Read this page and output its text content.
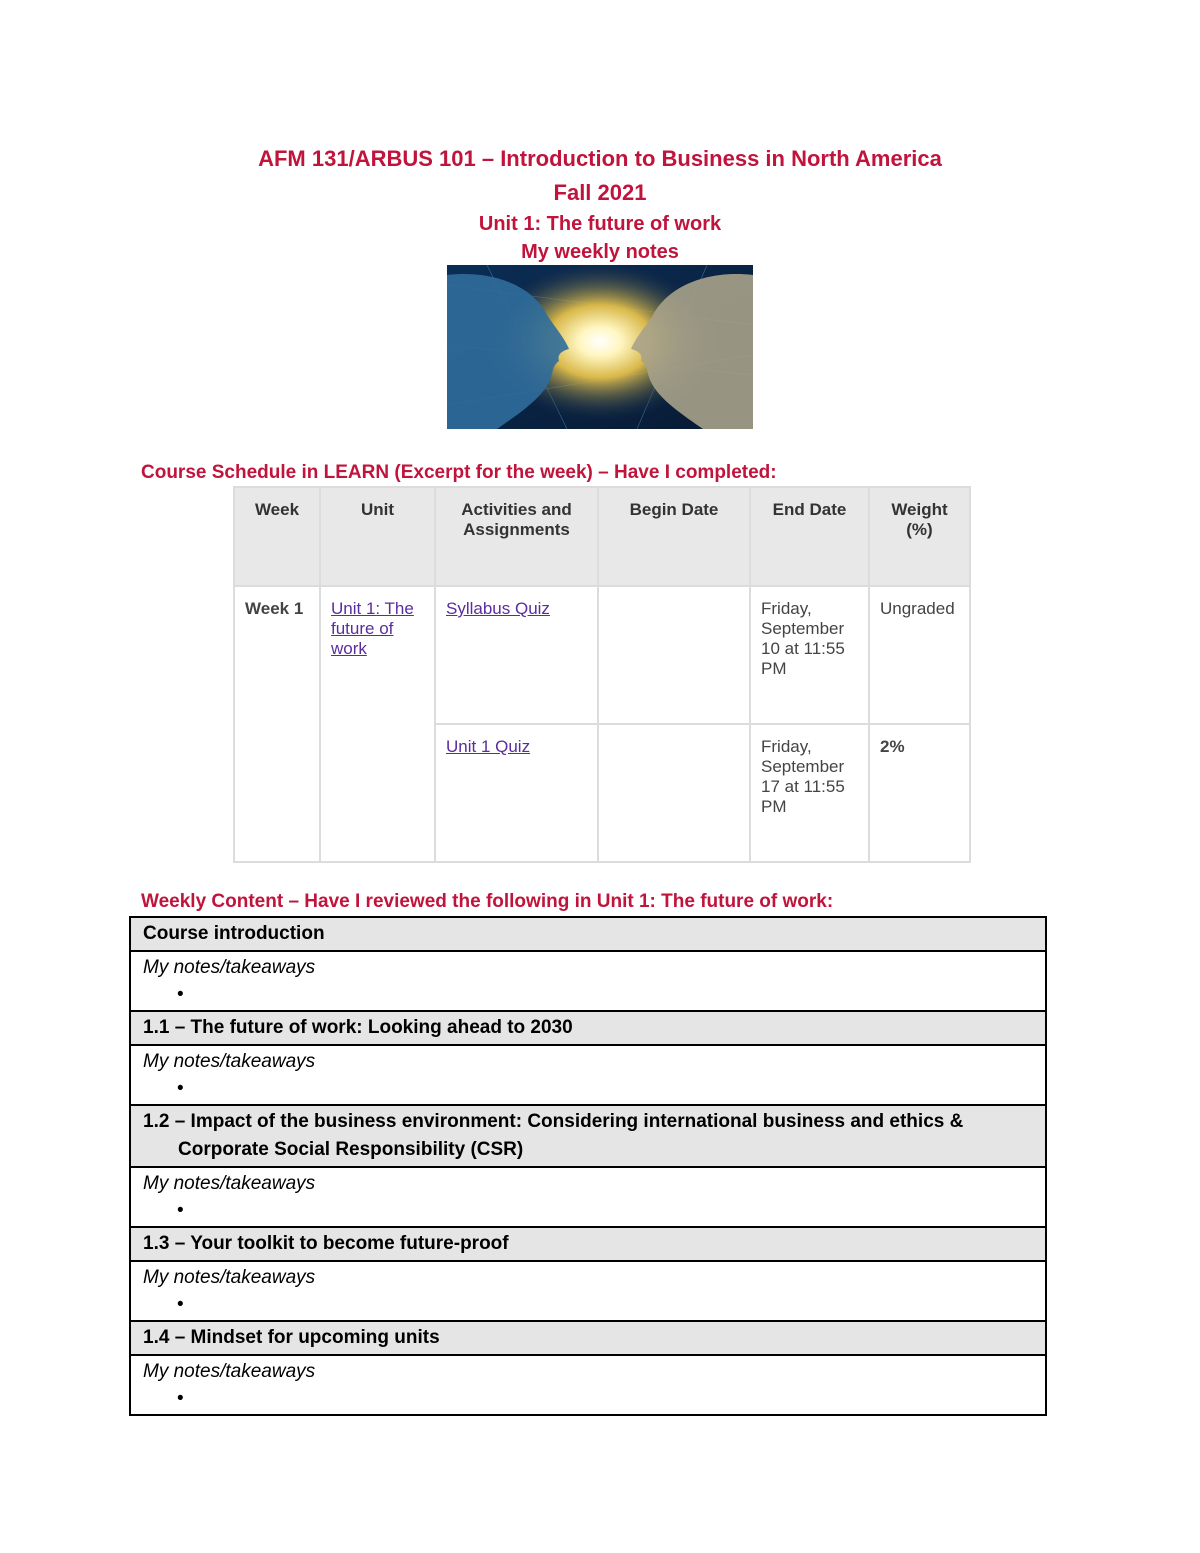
AFM 131/ARBUS 101 – Introduction to Business in North America
Fall 2021
Unit 1: The future of work
My weekly notes
Course Schedule in LEARN (Excerpt for the week) – Have I completed:
Week	Unit	Activities and Assignments	Begin Date	End Date	Weight (%)
Week 1	Unit 1: The future of work	Syllabus Quiz		Friday, September 10 at 11:55 PM	Ungraded
		Unit 1 Quiz		Friday, September 17 at 11:55 PM	2%
Weekly Content – Have I reviewed the following in Unit 1: The future of work:
Course introduction

My notes/takeaways
•

1.1 – The future of work: Looking ahead to 2030

My notes/takeaways
•

1.2 – Impact of the business environment: Considering international business and ethics & Corporate Social Responsibility (CSR)

My notes/takeaways
•

1.3 – Your toolkit to become future-proof

My notes/takeaways
•

1.4 – Mindset for upcoming units

My notes/takeaways
•
